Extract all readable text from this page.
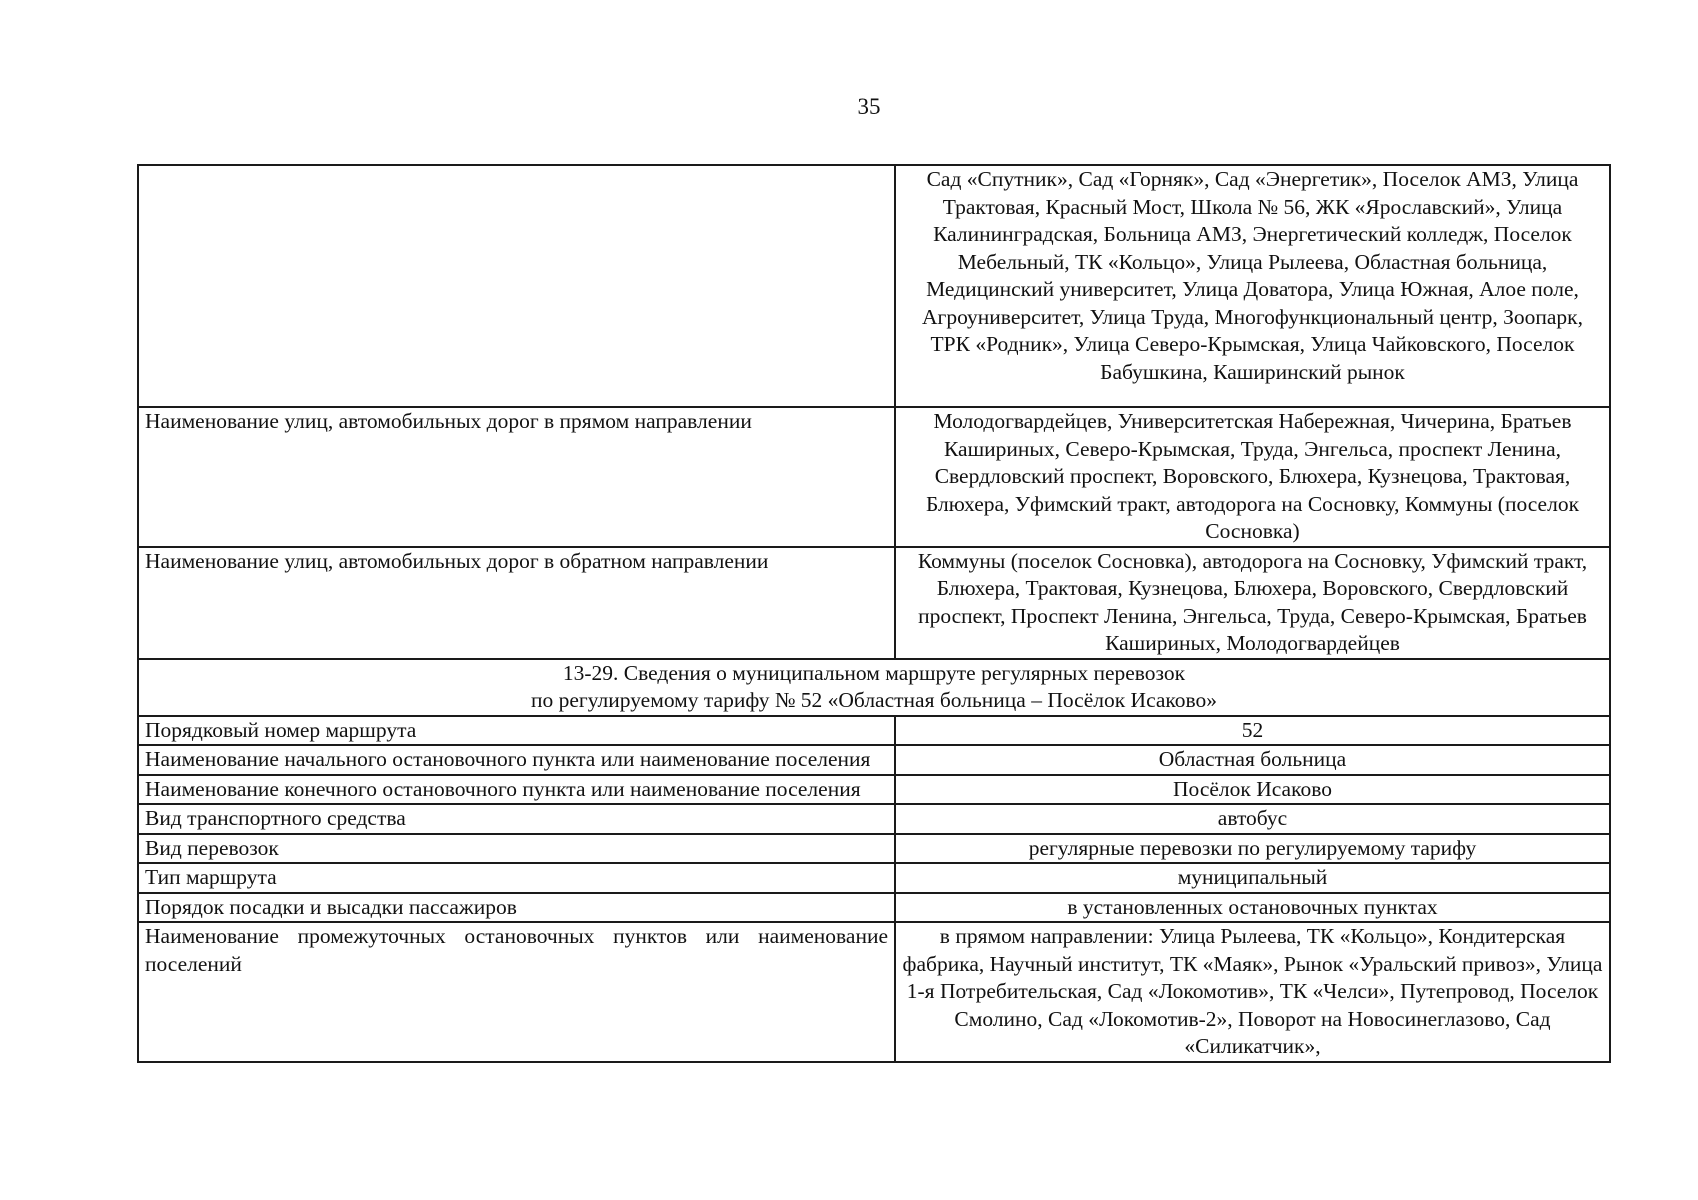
35
	Сад «Спутник», Сад «Горняк», Сад «Энергетик», Поселок АМЗ, Улица Трактовая, Красный Мост, Школа № 56, ЖК «Ярославский», Улица Калининградская, Больница АМЗ, Энергетический колледж, Поселок Мебельный, ТК «Кольцо», Улица Рылеева, Областная больница, Медицинский университет, Улица Доватора, Улица Южная, Алое поле, Агроуниверситет, Улица Труда, Многофункциональный центр, Зоопарк, ТРК «Родник», Улица Северо-Крымская, Улица Чайковского, Поселок Бабушкина, Каширинский рынок
Наименование улиц, автомобильных дорог в прямом направлении	Молодогвардейцев, Университетская Набережная, Чичерина, Братьев Кашириных, Северо-Крымская, Труда, Энгельса, проспект Ленина, Свердловский проспект, Воровского, Блюхера, Кузнецова, Трактовая, Блюхера, Уфимский тракт, автодорога на Сосновку, Коммуны (поселок Сосновка)
Наименование улиц, автомобильных дорог в обратном направлении	Коммуны (поселок Сосновка), автодорога на Сосновку, Уфимский тракт, Блюхера, Трактовая, Кузнецова, Блюхера, Воровского, Свердловский проспект, Проспект Ленина, Энгельса, Труда, Северо-Крымская, Братьев Кашириных, Молодогвардейцев

13-29. Сведения о муниципальном маршруте регулярных перевозок
по регулируемому тарифу № 52 «Областная больница – Посёлок Исаково»	

Порядковый номер маршрута	52
Наименование начального остановочного пункта или наименование поселения	Областная больница
Наименование конечного остановочного пункта или наименование поселения	Посёлок Исаково
Вид транспортного средства	автобус
Вид перевозок	регулярные перевозки по регулируемому тарифу
Тип маршрута	муниципальный
Порядок посадки и высадки пассажиров	в установленных остановочных пунктах
Наименование промежуточных остановочных пунктов или наименование поселений	в прямом направлении: Улица Рылеева, ТК «Кольцо», Кондитерская фабрика, Научный институт, ТК «Маяк», Рынок «Уральский привоз», Улица 1-я Потребительская, Сад «Локомотив», ТК «Челси», Путепровод, Поселок Смолино, Сад «Локомотив-2», Поворот на Новосинеглазово, Сад «Силикатчик»,
